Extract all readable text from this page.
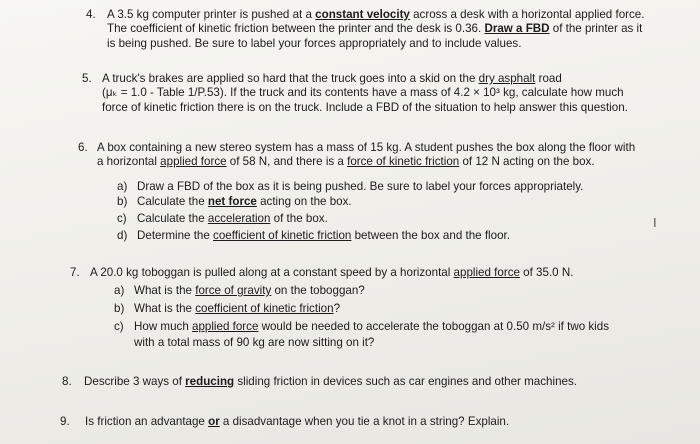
4. A 3.5 kg computer printer is pushed at a constant velocity across a desk with a horizontal applied force.
The coefficient of kinetic friction between the printer and the desk is 0.36. Draw a FBD of the printer as it
is being pushed. Be sure to label your forces appropriately and to include values.
5. A truck's brakes are applied so hard that the truck goes into a skid on the dry asphalt road
(μₖ = 1.0 - Table 1/P.53). If the truck and its contents have a mass of 4.2 × 10³ kg, calculate how much
force of kinetic friction there is on the truck. Include a FBD of the situation to help answer this question.
6. A box containing a new stereo system has a mass of 15 kg. A student pushes the box along the floor with
a horizontal applied force of 58 N, and there is a force of kinetic friction of 12 N acting on the box.
a) Draw a FBD of the box as it is being pushed. Be sure to label your forces appropriately.
b) Calculate the net force acting on the box.
c) Calculate the acceleration of the box.
d) Determine the coefficient of kinetic friction between the box and the floor.
I
7. A 20.0 kg toboggan is pulled along at a constant speed by a horizontal applied force of 35.0 N.
a) What is the force of gravity on the toboggan?
b) What is the coefficient of kinetic friction?
c) How much applied force would be needed to accelerate the toboggan at 0.50 m/s² if two kids
with a total mass of 90 kg are now sitting on it?
8. Describe 3 ways of reducing sliding friction in devices such as car engines and other machines.
9. Is friction an advantage or a disadvantage when you tie a knot in a string? Explain.
